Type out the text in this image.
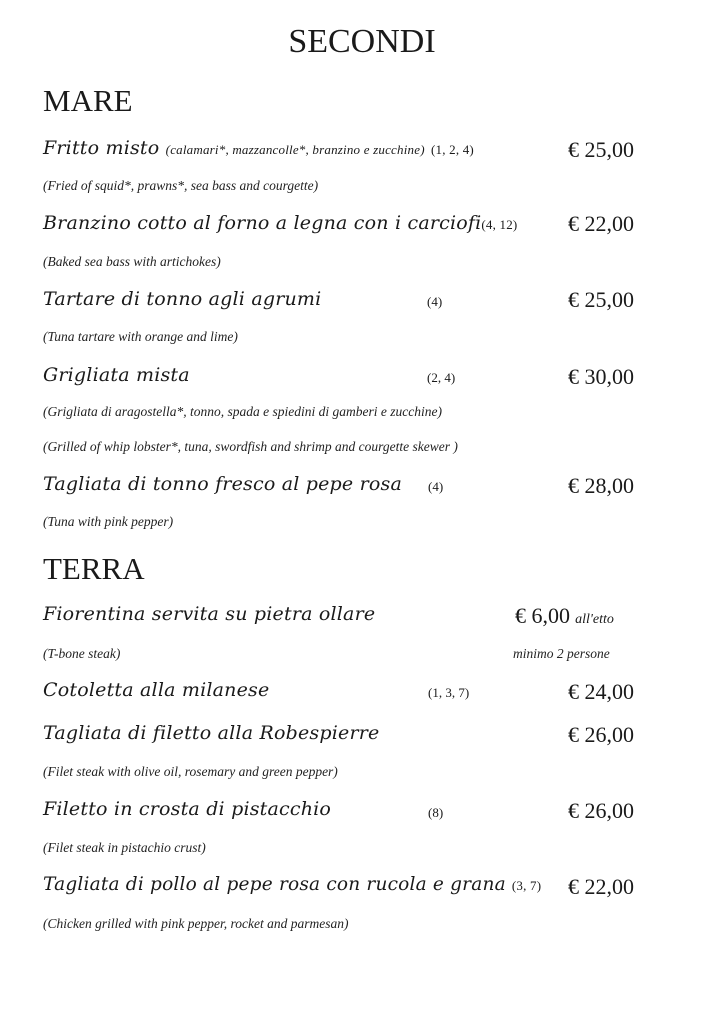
SECONDI
MARE
Fritto misto (calamari*, mazzancolle*, branzino e zucchine) (1, 2, 4)	€ 25,00
(Fried of squid*, prawns*, sea bass and courgette)
Branzino cotto al forno a legna con i carciofi(4, 12) € 22,00
(Baked sea bass with artichokes)
Tartare di tonno agli agrumi	(4)	€ 25,00
(Tuna tartare with orange and lime)
Grigliata mista	(2, 4)	€ 30,00
(Grigliata di aragostella*, tonno, spada e spiedini di gamberi e zucchine)
(Grilled of whip lobster*, tuna, swordfish and shrimp and courgette skewer )
Tagliata di tonno fresco al pepe rosa (4)	€ 28,00
(Tuna with pink pepper)
TERRA
Fiorentina servita su pietra ollare	€ 6,00 all'etto
(T-bone steak)	minimo 2 persone
Cotoletta alla milanese	(1, 3, 7)	€ 24,00
Tagliata di filetto alla Robespierre	€ 26,00
(Filet steak with olive oil, rosemary and green pepper)
Filetto in crosta di pistacchio	(8)	€ 26,00
(Filet steak in pistachio crust)
Tagliata di pollo al pepe rosa con rucola e grana (3, 7) € 22,00
(Chicken grilled with pink pepper, rocket and parmesan)
